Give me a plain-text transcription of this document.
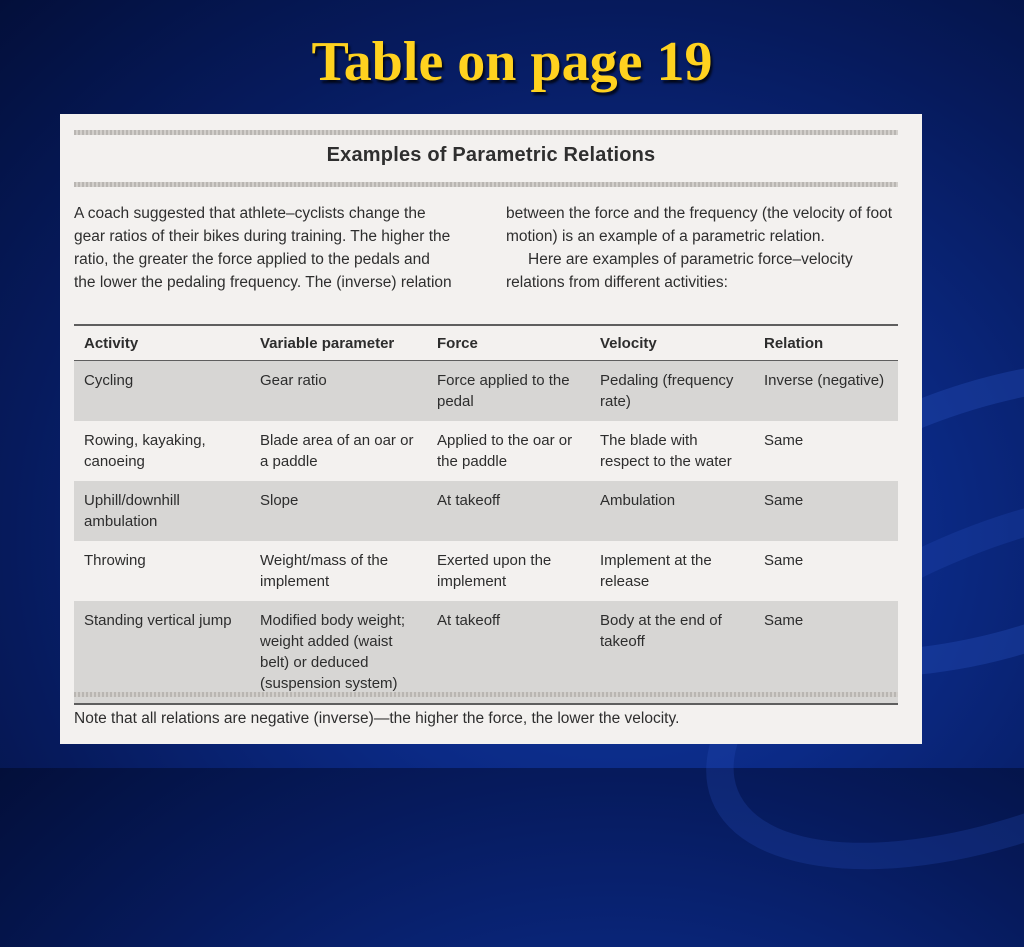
Table on page 19
Examples of Parametric Relations

A coach suggested that athlete–cyclists change the
gear ratios of their bikes during training. The higher the
ratio, the greater the force applied to the pedals and
the lower the pedaling frequency. The (inverse) relation

between the force and the frequency (the velocity of foot
motion) is an example of a parametric relation.
Here are examples of parametric force–velocity
relations from different activities:

Activity	Variable parameter	Force	Velocity	Relation
Cycling	Gear ratio	Force applied to the pedal	Pedaling (frequency rate)	Inverse (negative)
Rowing, kayaking, canoeing	Blade area of an oar or a paddle	Applied to the oar or the paddle	The blade with respect to the water	Same
Uphill/downhill ambulation	Slope	At takeoff	Ambulation	Same
Throwing	Weight/mass of the implement	Exerted upon the implement	Implement at the release	Same
Standing vertical jump	Modified body weight; weight added (waist belt) or deduced (suspension system)	At takeoff	Body at the end of takeoff	Same

Note that all relations are negative (inverse)—the higher the force, the lower the velocity.
